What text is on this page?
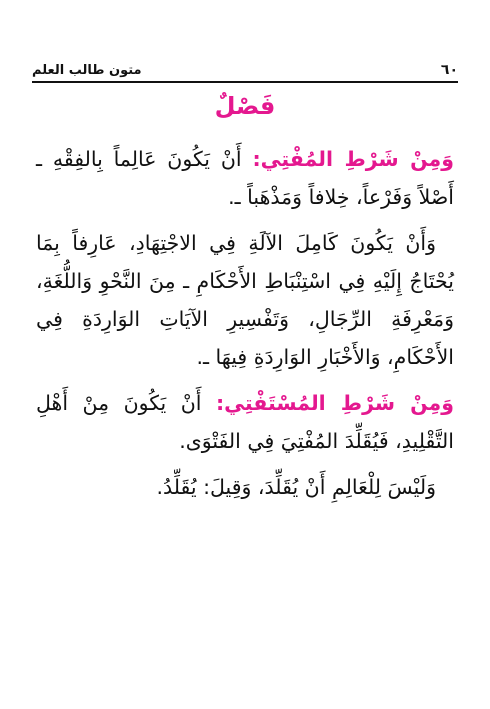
٦٠
متون طالب العلم
فَصْلٌ

وَمِنْ شَرْطِ المُفْتِي: أَنْ يَكُونَ عَالِماً بِالفِقْهِ ـ أَصْلاً وَفَرْعاً، خِلافاً وَمَذْهَباً ـ.

وَأَنْ يَكُونَ كَامِلَ الآلَةِ فِي الاجْتِهَادِ، عَارِفاً بِمَا يُحْتَاجُ إِلَيْهِ فِي اسْتِنْبَاطِ الأَحْكَامِ ـ مِنَ النَّحْوِ وَاللُّغَةِ، وَمَعْرِفَةِ الرِّجَالِ، وَتَفْسِيرِ الآيَاتِ الوَارِدَةِ فِي الأَحْكَامِ، وَالأَخْبَارِ الوَارِدَةِ فِيهَا ـ.

وَمِنْ شَرْطِ المُسْتَفْتِي: أَنْ يَكُونَ مِنْ أَهْلِ التَّقْلِيدِ، فَيُقَلِّدَ المُفْتِيَ فِي الفَتْوَى.

وَلَيْسَ لِلْعَالِمِ أَنْ يُقَلِّدَ، وَقِيلَ: يُقَلِّدُ.
